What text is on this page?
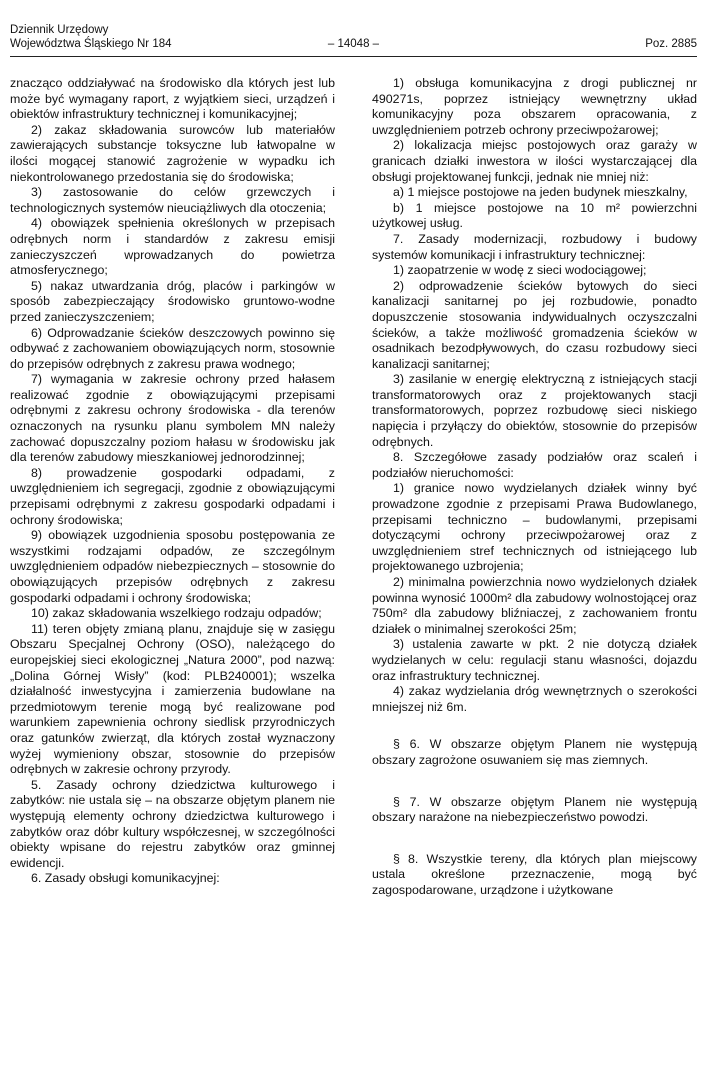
Dziennik Urzędowy
Województwa Śląskiego Nr 184	– 14048 –	Poz. 2885

znacząco oddziaływać na środowisko dla których jest lub może być wymagany raport, z wyjątkiem sieci, urządzeń i obiektów infrastruktury technicznej i komunikacyjnej;

2) zakaz składowania surowców lub materiałów zawierających substancje toksyczne lub łatwopalne w ilości mogącej stanowić zagrożenie w wypadku ich niekontrolowanego przedostania się do środowiska;

3) zastosowanie do celów grzewczych i technologicznych systemów nieuciążliwych dla otoczenia;

4) obowiązek spełnienia określonych w przepisach odrębnych norm i standardów z zakresu emisji zanieczyszczeń wprowadzanych do powietrza atmosferycznego;

5) nakaz utwardzania dróg, placów i parkingów w sposób zabezpieczający środowisko gruntowo-wodne przed zanieczyszczeniem;

6) Odprowadzanie ścieków deszczowych powinno się odbywać z zachowaniem obowiązujących norm, stosownie do przepisów odrębnych z zakresu prawa wodnego;

7) wymagania w zakresie ochrony przed hałasem realizować zgodnie z obowiązującymi przepisami odrębnymi z zakresu ochrony środowiska - dla terenów oznaczonych na rysunku planu symbolem MN należy zachować dopuszczalny poziom hałasu w środowisku jak dla terenów zabudowy mieszkaniowej jednorodzinnej;

8) prowadzenie gospodarki odpadami, z uwzględnieniem ich segregacji, zgodnie z obowiązującymi przepisami odrębnymi z zakresu gospodarki odpadami i ochrony środowiska;

9) obowiązek uzgodnienia sposobu postępowania ze wszystkimi rodzajami odpadów, ze szczególnym uwzględnieniem odpadów niebezpiecznych – stosownie do obowiązujących przepisów odrębnych z zakresu gospodarki odpadami i ochrony środowiska;

10) zakaz składowania wszelkiego rodzaju odpadów;

11) teren objęty zmianą planu, znajduje się w zasięgu Obszaru Specjalnej Ochrony (OSO), należącego do europejskiej sieci ekologicznej „Natura 2000”, pod nazwą: „Dolina Górnej Wisły” (kod: PLB240001); wszelka działalność inwestycyjna i zamierzenia budowlane na przedmiotowym terenie mogą być realizowane pod warunkiem zapewnienia ochrony siedlisk przyrodniczych oraz gatunków zwierząt, dla których został wyznaczony wyżej wymieniony obszar, stosownie do przepisów odrębnych w zakresie ochrony przyrody.

5. Zasady ochrony dziedzictwa kulturowego i zabytków: nie ustala się – na obszarze objętym planem nie występują elementy ochrony dziedzictwa kulturowego i zabytków oraz dóbr kultury współczesnej, w szczególności obiekty wpisane do rejestru zabytków oraz gminnej ewidencji.

6. Zasady obsługi komunikacyjnej:

1) obsługa komunikacyjna z drogi publicznej nr 490271s, poprzez istniejący wewnętrzny układ komunikacyjny poza obszarem opracowania, z uwzględnieniem potrzeb ochrony przeciwpożarowej;

2) lokalizacja miejsc postojowych oraz garaży w granicach działki inwestora w ilości wystarczającej dla obsługi projektowanej funkcji, jednak nie mniej niż:

a) 1 miejsce postojowe na jeden budynek mieszkalny,

b) 1 miejsce postojowe na 10 m² powierzchni użytkowej usług.

7. Zasady modernizacji, rozbudowy i budowy systemów komunikacji i infrastruktury technicznej:

1) zaopatrzenie w wodę z sieci wodociągowej;

2) odprowadzenie ścieków bytowych do sieci kanalizacji sanitarnej po jej rozbudowie, ponadto dopuszczenie stosowania indywidualnych oczyszczalni ścieków, a także możliwość gromadzenia ścieków w osadnikach bezodpływowych, do czasu rozbudowy sieci kanalizacji sanitarnej;

3) zasilanie w energię elektryczną z istniejących stacji transformatorowych oraz z projektowanych stacji transformatorowych, poprzez rozbudowę sieci niskiego napięcia i przyłączy do obiektów, stosownie do przepisów odrębnych.

8. Szczegółowe zasady podziałów oraz scaleń i podziałów nieruchomości:

1) granice nowo wydzielanych działek winny być prowadzone zgodnie z przepisami Prawa Budowlanego, przepisami techniczno – budowlanymi, przepisami dotyczącymi ochrony przeciwpożarowej oraz z uwzględnieniem stref technicznych od istniejącego lub projektowanego uzbrojenia;

2) minimalna powierzchnia nowo wydzielonych działek powinna wynosić 1000m² dla zabudowy wolnostojącej oraz 750m² dla zabudowy bliźniaczej, z zachowaniem frontu działek o minimalnej szerokości 25m;

3) ustalenia zawarte w pkt. 2 nie dotyczą działek wydzielanych w celu: regulacji stanu własności, dojazdu oraz infrastruktury technicznej.

4) zakaz wydzielania dróg wewnętrznych o szerokości mniejszej niż 6m.

§ 6. W obszarze objętym Planem nie występują obszary zagrożone osuwaniem się mas ziemnych.

§ 7. W obszarze objętym Planem nie występują obszary narażone na niebezpieczeństwo powodzi.

§ 8. Wszystkie tereny, dla których plan miejscowy ustala określone przeznaczenie, mogą być zagospodarowane, urządzone i użytkowane
